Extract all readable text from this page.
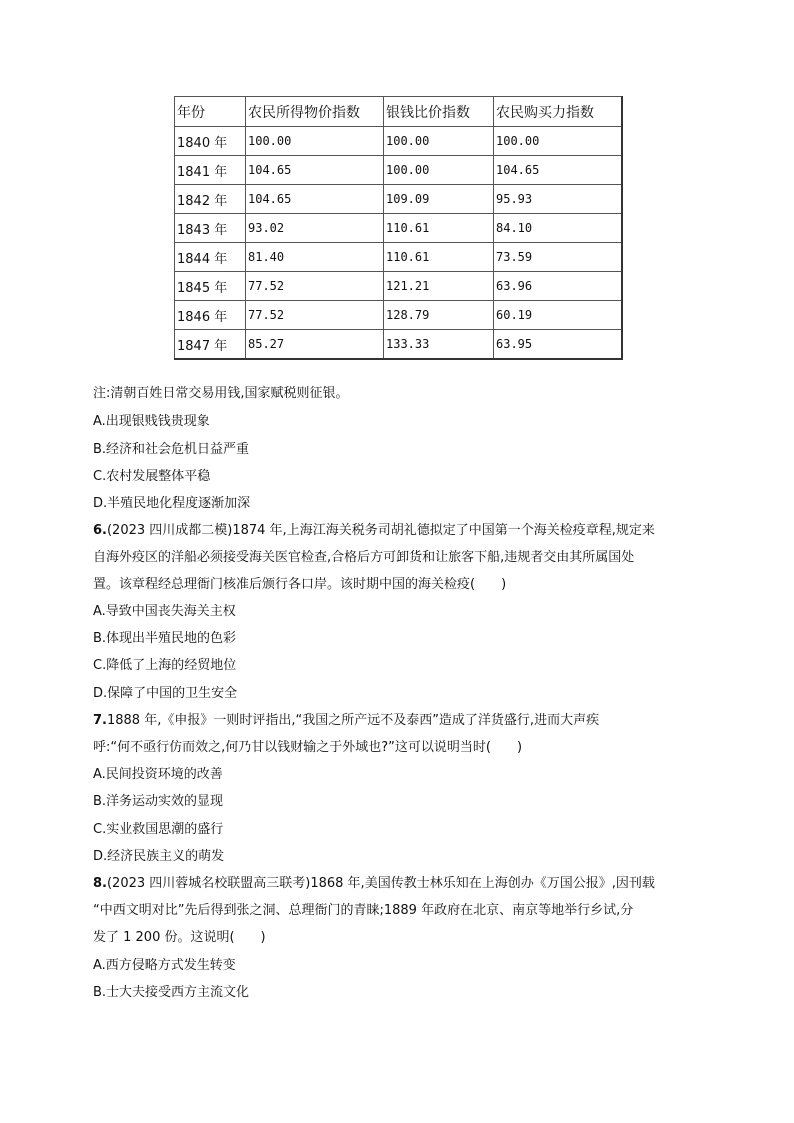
年份	农民所得物价指数	银钱比价指数	农民购买力指数
1840 年	100.00	100.00	100.00
1841 年	104.65	100.00	104.65
1842 年	104.65	109.09	95.93
1843 年	93.02	110.61	84.10
1844 年	81.40	110.61	73.59
1845 年	77.52	121.21	63.96
1846 年	77.52	128.79	60.19
1847 年	85.27	133.33	63.95
注:清朝百姓日常交易用钱,国家赋税则征银。
A.出现银贱钱贵现象
B.经济和社会危机日益严重
C.农村发展整体平稳
D.半殖民地化程度逐渐加深
6.(2023 四川成都二模)1874 年,上海江海关税务司胡礼德拟定了中国第一个海关检疫章程,规定来
自海外疫区的洋船必须接受海关医官检查,合格后方可卸货和让旅客下船,违规者交由其所属国处
置。该章程经总理衙门核准后颁行各口岸。该时期中国的海关检疫(　　)
A.导致中国丧失海关主权
B.体现出半殖民地的色彩
C.降低了上海的经贸地位
D.保障了中国的卫生安全
7.1888 年,《申报》一则时评指出,“我国之所产远不及泰西”造成了洋货盛行,进而大声疾
呼:“何不亟行仿而效之,何乃甘以钱财输之于外域也?”这可以说明当时(　　)
A.民间投资环境的改善
B.洋务运动实效的显现
C.实业救国思潮的盛行
D.经济民族主义的萌发
8.(2023 四川蓉城名校联盟高三联考)1868 年,美国传教士林乐知在上海创办《万国公报》,因刊载
“中西文明对比”先后得到张之洞、总理衙门的青睐;1889 年政府在北京、南京等地举行乡试,分
发了 1 200 份。这说明(　　)
A.西方侵略方式发生转变
B.士大夫接受西方主流文化
